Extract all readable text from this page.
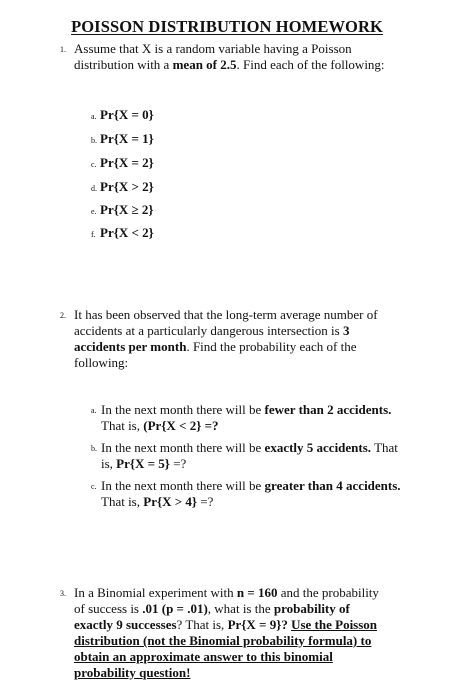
POISSON DISTRIBUTION HOMEWORK
1. Assume that X is a random variable having a Poisson distribution with a mean of 2.5. Find each of the following:
a. Pr{X = 0}
b. Pr{X = 1}
c. Pr{X = 2}
d. Pr{X > 2}
e. Pr{X ≥ 2}
f. Pr{X < 2}
2. It has been observed that the long-term average number of accidents at a particularly dangerous intersection is 3 accidents per month. Find the probability each of the following:
a. In the next month there will be fewer than 2 accidents.
That is, (Pr{X < 2} =?
b. In the next month there will be exactly 5 accidents. That
is, Pr{X = 5} =?
c. In the next month there will be greater than 4 accidents.
That is, Pr{X > 4} =?
3. In a Binomial experiment with n = 160 and the probability of success is .01 (p = .01), what is the probability of exactly 9 successes? That is, Pr{X = 9}? Use the Poisson distribution (not the Binomial probability formula) to obtain an approximate answer to this binomial probability question!
